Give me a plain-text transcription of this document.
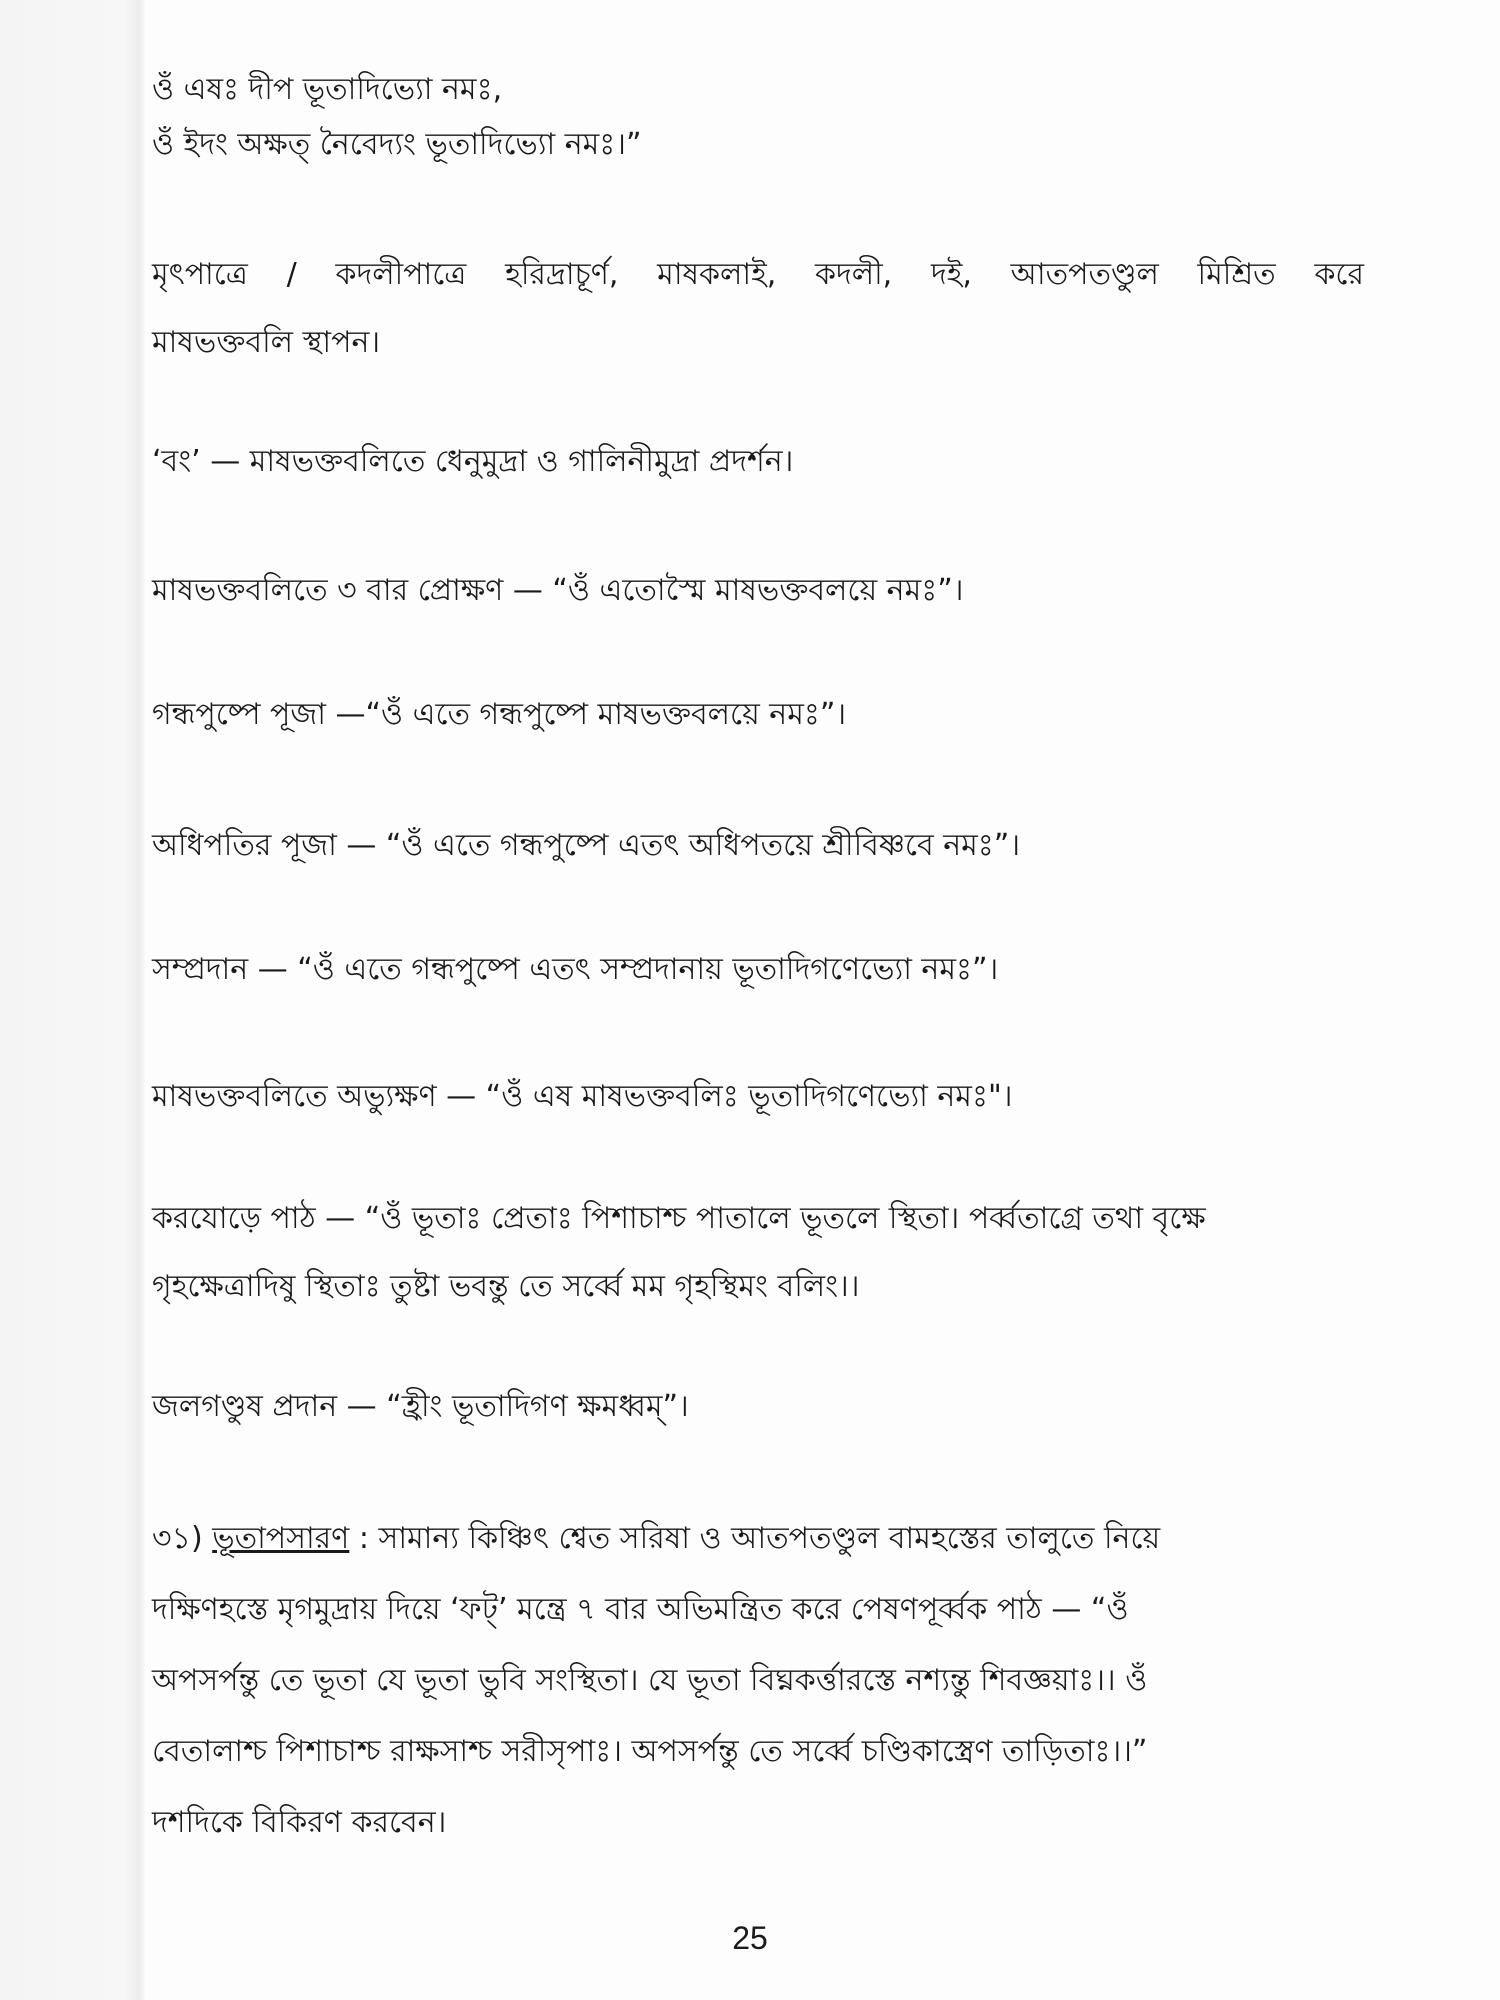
ওঁ এষঃ দীপ ভূতাদিভ্যো নমঃ,
ওঁ ইদং অক্ষত্ নৈবেদ্যং ভূতাদিভ্যো নমঃ।”
মৃৎপাত্রে / কদলীপাত্রে হরিদ্রাচূর্ণ, মাষকলাই, কদলী, দই, আতপতণ্ডুল মিশ্রিত করে
মাষভক্তবলি স্থাপন।
‘বং’ — মাষভক্তবলিতে ধেনুমুদ্রা ও গালিনীমুদ্রা প্রদর্শন।
মাষভক্তবলিতে ৩ বার প্রোক্ষণ — “ওঁ এতোস্মৈ মাষভক্তবলয়ে নমঃ”।
গন্ধপুষ্পে পূজা —“ওঁ এতে গন্ধপুষ্পে মাষভক্তবলয়ে নমঃ”।
অধিপতির পূজা — “ওঁ এতে গন্ধপুষ্পে এতৎ অধিপতয়ে শ্রীবিষ্ণবে নমঃ”।
সম্প্রদান — “ওঁ এতে গন্ধপুষ্পে এতৎ সম্প্রদানায় ভূতাদিগণেভ্যো নমঃ”।
মাষভক্তবলিতে অভ্যুক্ষণ — “ওঁ এষ মাষভক্তবলিঃ ভূতাদিগণেভ্যো নমঃ"।
করযোড়ে পাঠ — “ওঁ ভূতাঃ প্রেতাঃ পিশাচাশ্চ পাতালে ভূতলে স্থিতা। পর্ব্বতাগ্রে তথা বৃক্ষে
গৃহক্ষেত্রাদিষু স্থিতাঃ তুষ্টা ভবন্তু তে সর্ব্বে মম গৃহস্থিমং বলিং।।
জলগণ্ডুষ প্রদান — “হ্রীং ভূতাদিগণ ক্ষমধ্বম্”।
৩১) ভূতাপসারণ : সামান্য কিঞ্চিৎ শ্বেত সরিষা ও আতপতণ্ডুল বামহস্তের তালুতে নিয়ে
দক্ষিণহস্তে মৃগমুদ্রায় দিয়ে ‘ফট্’ মন্ত্রে ৭ বার অভিমন্ত্রিত করে পেষণপূর্ব্বক পাঠ — “ওঁ
অপসর্পন্তু তে ভূতা যে ভূতা ভুবি সংস্থিতা। যে ভূতা বিঘ্নকর্ত্তারস্তে নশ্যন্তু শিবজ্ঞয়াঃ।। ওঁ
বেতালাশ্চ পিশাচাশ্চ রাক্ষসাশ্চ সরীসৃপাঃ। অপসর্পন্তু তে সর্ব্বে চণ্ডিকাস্ত্রেণ তাড়িতাঃ।।”
দশদিকে বিকিরণ করবেন।
25
